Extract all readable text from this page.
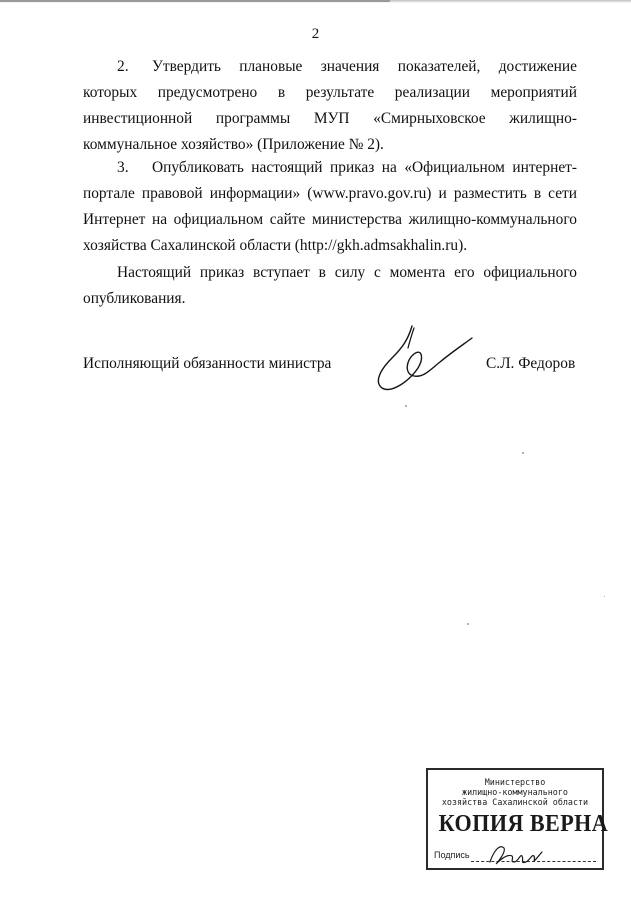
2

2. Утвердить плановые значения показателей, достижение которых предусмотрено в результате реализации мероприятий инвестиционной программы МУП «Смирныховское жилищно-коммунальное хозяйство» (Приложение № 2).

3. Опубликовать настоящий приказ на «Официальном интернет-портале правовой информации» (www.pravo.gov.ru) и разместить в сети Интернет на официальном сайте министерства жилищно-коммунального хозяйства Сахалинской области (http://gkh.admsakhalin.ru).

Настоящий приказ вступает в силу с момента его официального опубликования.

Исполняющий обязанности министра	С.Л. Федоров
Министерство
жилищно-коммунального
хозяйства Сахалинской области
КОПИЯ ВЕРНА
Подпись
